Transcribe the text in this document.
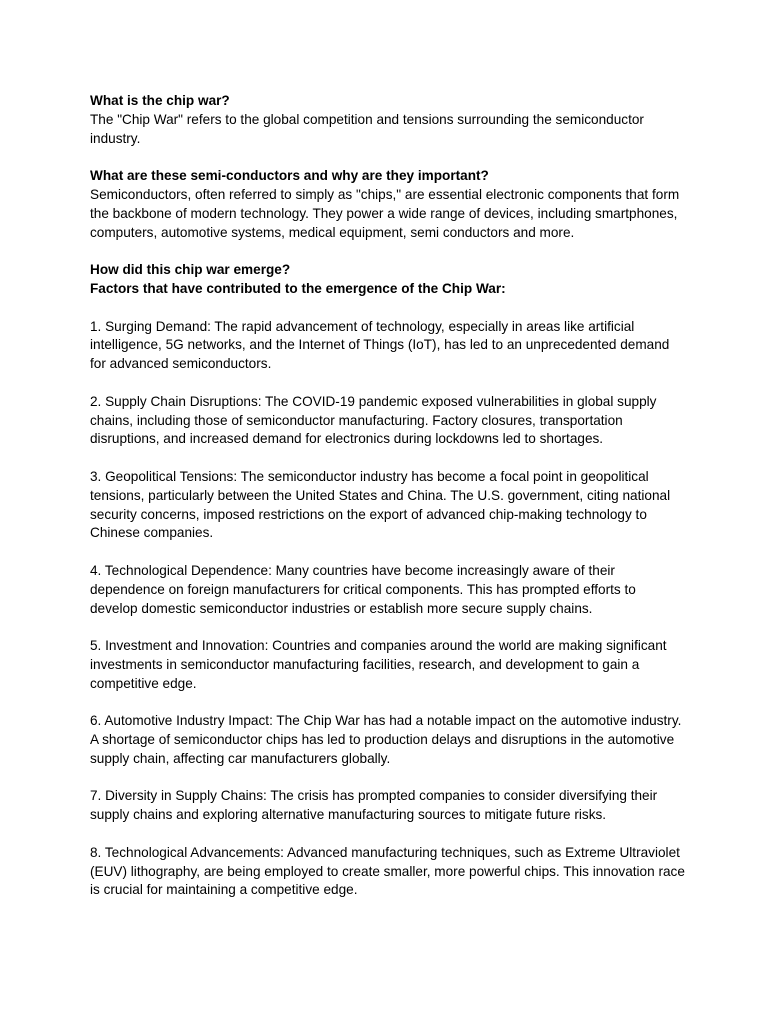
What is the chip war?

The "Chip War" refers to the global competition and tensions surrounding the semiconductor industry.

What are these semi-conductors and why are they important?

Semiconductors, often referred to simply as "chips," are essential electronic components that form the backbone of modern technology. They power a wide range of devices, including smartphones, computers, automotive systems, medical equipment, semi conductors and more.

How did this chip war emerge?

Factors that have contributed to the emergence of the Chip War:

1. Surging Demand: The rapid advancement of technology, especially in areas like artificial intelligence, 5G networks, and the Internet of Things (IoT), has led to an unprecedented demand for advanced semiconductors.

2. Supply Chain Disruptions: The COVID-19 pandemic exposed vulnerabilities in global supply chains, including those of semiconductor manufacturing. Factory closures, transportation disruptions, and increased demand for electronics during lockdowns led to shortages.

3. Geopolitical Tensions: The semiconductor industry has become a focal point in geopolitical tensions, particularly between the United States and China. The U.S. government, citing national security concerns, imposed restrictions on the export of advanced chip-making technology to Chinese companies.

4. Technological Dependence: Many countries have become increasingly aware of their dependence on foreign manufacturers for critical components. This has prompted efforts to develop domestic semiconductor industries or establish more secure supply chains.

5. Investment and Innovation: Countries and companies around the world are making significant investments in semiconductor manufacturing facilities, research, and development to gain a competitive edge.

6. Automotive Industry Impact: The Chip War has had a notable impact on the automotive industry. A shortage of semiconductor chips has led to production delays and disruptions in the automotive supply chain, affecting car manufacturers globally.

7. Diversity in Supply Chains: The crisis has prompted companies to consider diversifying their supply chains and exploring alternative manufacturing sources to mitigate future risks.

8. Technological Advancements: Advanced manufacturing techniques, such as Extreme Ultraviolet (EUV) lithography, are being employed to create smaller, more powerful chips. This innovation race is crucial for maintaining a competitive edge.
